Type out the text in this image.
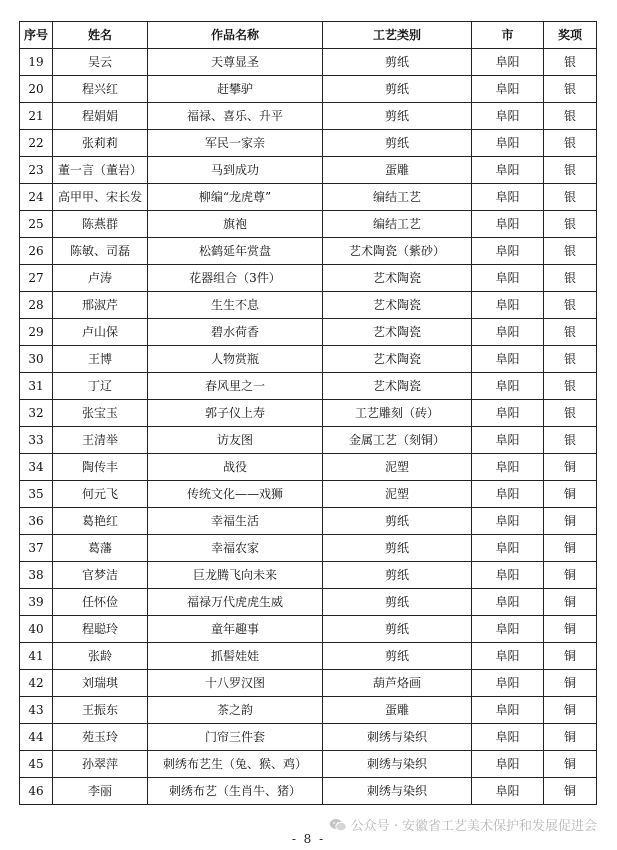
序号	姓名	作品名称	工艺类别	市	奖项
19	吴云	天尊显圣	剪纸	阜阳	银
20	程兴红	赶攀驴	剪纸	阜阳	银
21	程娟娟	福禄、喜乐、升平	剪纸	阜阳	银
22	张莉莉	军民一家亲	剪纸	阜阳	银
23	董一言（董岩）	马到成功	蛋雕	阜阳	银
24	高甲甲、宋长发	柳编“龙虎尊”	编结工艺	阜阳	银
25	陈燕群	旗袍	编结工艺	阜阳	银
26	陈敏、司磊	松鹤延年赏盘	艺术陶瓷（紫砂）	阜阳	银
27	卢涛	花器组合（3件）	艺术陶瓷	阜阳	银
28	邢淑芹	生生不息	艺术陶瓷	阜阳	银
29	卢山保	碧水荷香	艺术陶瓷	阜阳	银
30	王博	人物赏瓶	艺术陶瓷	阜阳	银
31	丁辽	春风里之一	艺术陶瓷	阜阳	银
32	张宝玉	郭子仪上寿	工艺雕刻（砖）	阜阳	银
33	王清举	访友图	金属工艺（刻铜）	阜阳	银
34	陶传丰	战役	泥塑	阜阳	铜
35	何元飞	传统文化——戏狮	泥塑	阜阳	铜
36	葛艳红	幸福生活	剪纸	阜阳	铜
37	葛藩	幸福农家	剪纸	阜阳	铜
38	官梦洁	巨龙腾飞向未来	剪纸	阜阳	铜
39	任怀俭	福禄万代虎虎生威	剪纸	阜阳	铜
40	程聪玲	童年趣事	剪纸	阜阳	铜
41	张龄	抓髻娃娃	剪纸	阜阳	铜
42	刘瑞琪	十八罗汉图	葫芦烙画	阜阳	铜
43	王振东	茶之韵	蛋雕	阜阳	铜
44	苑玉玲	门帘三件套	刺绣与染织	阜阳	铜
45	孙翠萍	刺绣布艺生（兔、猴、鸡）	刺绣与染织	阜阳	铜
46	李丽	刺绣布艺（生肖牛、猪）	刺绣与染织	阜阳	铜
公众号 · 安徽省工艺美术保护和发展促进会
- 8 -
